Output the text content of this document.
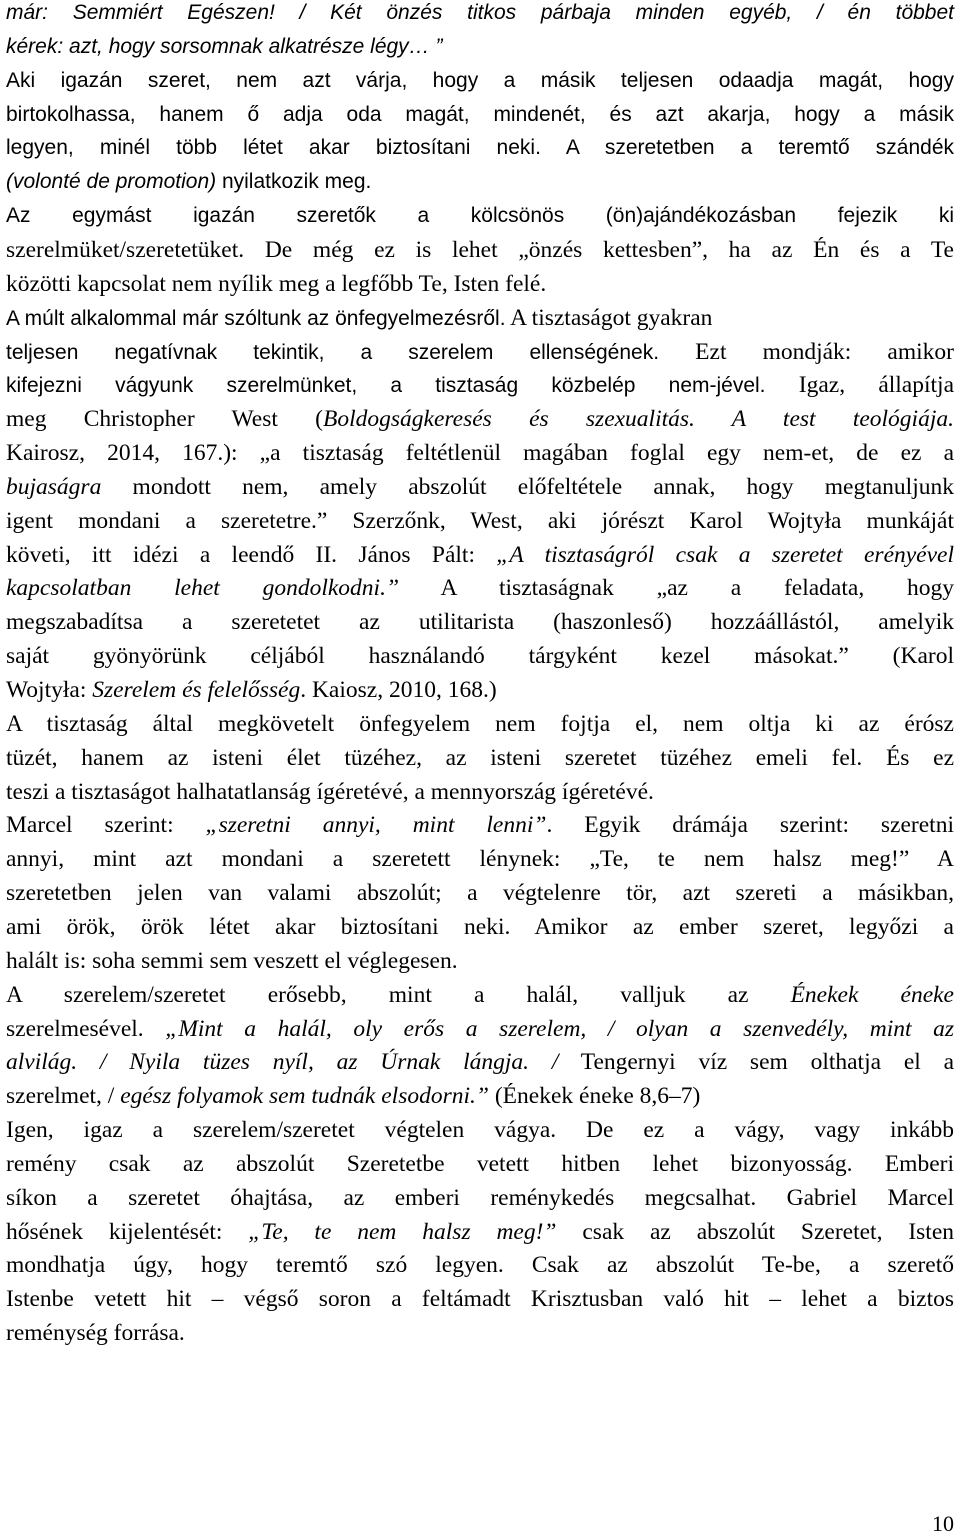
már: Semmiért Egészen! / Két önzés titkos párbaja minden egyéb, / én többet
kérek: azt, hogy sorsomnak alkatrésze légy… ”
Aki igazán szeret, nem azt várja, hogy a másik teljesen odaadja magát, hogy
birtokolhassa, hanem ő adja oda magát, mindenét, és azt akarja, hogy a másik
legyen, minél több létet akar biztosítani neki. A szeretetben a teremtő szándék
(volonté de promotion) nyilatkozik meg.
Az egymást igazán szeretők a kölcsönös (ön)ajándékozásban fejezik ki
szerelmüket/szeretetüket. De még ez is lehet „önzés kettesben”, ha az Én és a Te
közötti kapcsolat nem nyílik meg a legfőbb Te, Isten felé.
A múlt alkalommal már szóltunk az önfegyelmezésről. A tisztaságot gyakran
teljesen negatívnak tekintik, a szerelem ellenségének. Ezt mondják: amikor
kifejezni vágyunk szerelmünket, a tisztaság közbelép nem-jével. Igaz, állapítja
meg Christopher West (Boldogságkeresés és szexualitás. A test teológiája.
Kairosz, 2014, 167.): „a tisztaság feltétlenül magában foglal egy nem-et, de ez a
bujaságra mondott nem, amely abszolút előfeltétele annak, hogy megtanuljunk
igent mondani a szeretetre.” Szerzőnk, West, aki jórészt Karol Wojtyła munkáját
követi, itt idézi a leendő II. János Pált: „A tisztaságról csak a szeretet erényével
kapcsolatban lehet gondolkodni.” A tisztaságnak „az a feladata, hogy
megszabadítsa a szeretetet az utilitarista (haszonleső) hozzáállástól, amelyik
saját gyönyörünk céljából használandó tárgyként kezel másokat.” (Karol
Wojtyła: Szerelem és felelősség. Kaiosz, 2010, 168.)
A tisztaság által megkövetelt önfegyelem nem fojtja el, nem oltja ki az érósz
tüzét, hanem az isteni élet tüzéhez, az isteni szeretet tüzéhez emeli fel. És ez
teszi a tisztaságot halhatatlanság ígéretévé, a mennyország ígéretévé.
Marcel szerint: „szeretni annyi, mint lenni”. Egyik drámája szerint: szeretni
annyi, mint azt mondani a szeretett lénynek: „Te, te nem halsz meg!” A
szeretetben jelen van valami abszolút; a végtelenre tör, azt szereti a másikban,
ami örök, örök létet akar biztosítani neki. Amikor az ember szeret, legyőzi a
halált is: soha semmi sem veszett el véglegesen.
A szerelem/szeretet erősebb, mint a halál, valljuk az Énekek éneke
szerelmesével. „Mint a halál, oly erős a szerelem, / olyan a szenvedély, mint az
alvilág. / Nyila tüzes nyíl, az Úrnak lángja. / Tengernyi víz sem olthatja el a
szerelmet, / egész folyamok sem tudnák elsodorni.” (Énekek éneke 8,6–7)
Igen, igaz a szerelem/szeretet végtelen vágya. De ez a vágy, vagy inkább
remény csak az abszolút Szeretetbe vetett hitben lehet bizonyosság. Emberi
síkon a szeretet óhajtása, az emberi reménykedés megcsalhat. Gabriel Marcel
hősének kijelentését: „Te, te nem halsz meg!” csak az abszolút Szeretet, Isten
mondhatja úgy, hogy teremtő szó legyen. Csak az abszolút Te-be, a szerető
Istenbe vetett hit – végső soron a feltámadt Krisztusban való hit – lehet a biztos
reménység forrása.
10
